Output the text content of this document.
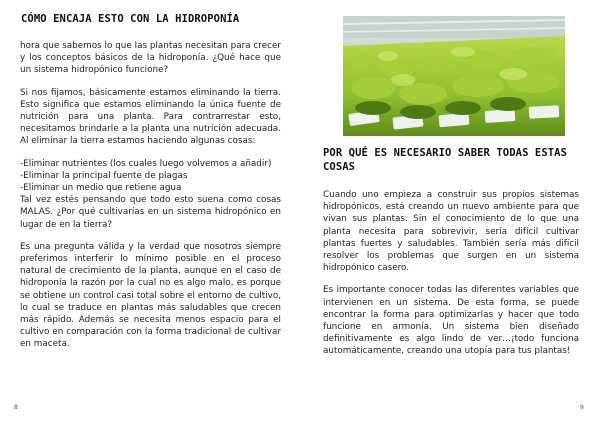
CÓMO ENCAJA ESTO CON LA HIDROPONÍA

hora que sabemos lo que las plantas necesitan para crecer y los conceptos básicos de la hidroponía. ¿Qué hace que un sistema hidropónico funcione?

Si nos fijamos, básicamente estamos eliminando la tierra. Esto significa que estamos eliminando la única fuente de nutrición para una planta. Para contrarrestar esto, necesitamos brindarle a la planta una nutrición adecuada. Al eliminar la tierra estamos haciendo algunas cosas:

-Eliminar nutrientes (los cuales luego volvemos a añadir)

-Eliminar la principal fuente de plagas

-Eliminar un medio que retiene agua

Tal vez estés pensando que todo esto suena como cosas MALAS. ¿Por qué cultivarías en un sistema hidropónico en lugar de en la tierra?

Es una pregunta válida y la verdad que nosotros siempre preferimos interferir lo mínimo posible en el proceso natural de crecimiento de la planta, aunque en el caso de hidroponía la razón por la cual no es algo malo, es porque se obtiene un control casi total sobre el entorno de cultivo, lo cual se traduce en plantas más saludables que crecen más rápido. Además se necesita menos espacio para el cultivo en comparación con la forma tradicional de cultivar en maceta.

8
POR QUÉ ES NECESARIO SABER TODAS ESTAS COSAS

Cuando uno empieza a construir sus propios sistemas hidropónicos, está creando un nuevo ambiente para que vivan sus plantas. Sin el conocimiento de lo que una planta necesita para sobrevivir, sería difícil cultivar plantas fuertes y saludables. También sería más difícil resolver los problemas que surgen en un sistema hidropónico casero.

Es importante conocer todas las diferentes variables que intervienen en un sistema. De esta forma, se puede encontrar la forma para optimizarlas y hacer que todo funcione en armonía. Un sistema bien diseñado definitivamente es algo lindo de ver…¡todo funciona automáticamente, creando una utopía para tus plantas!

9
